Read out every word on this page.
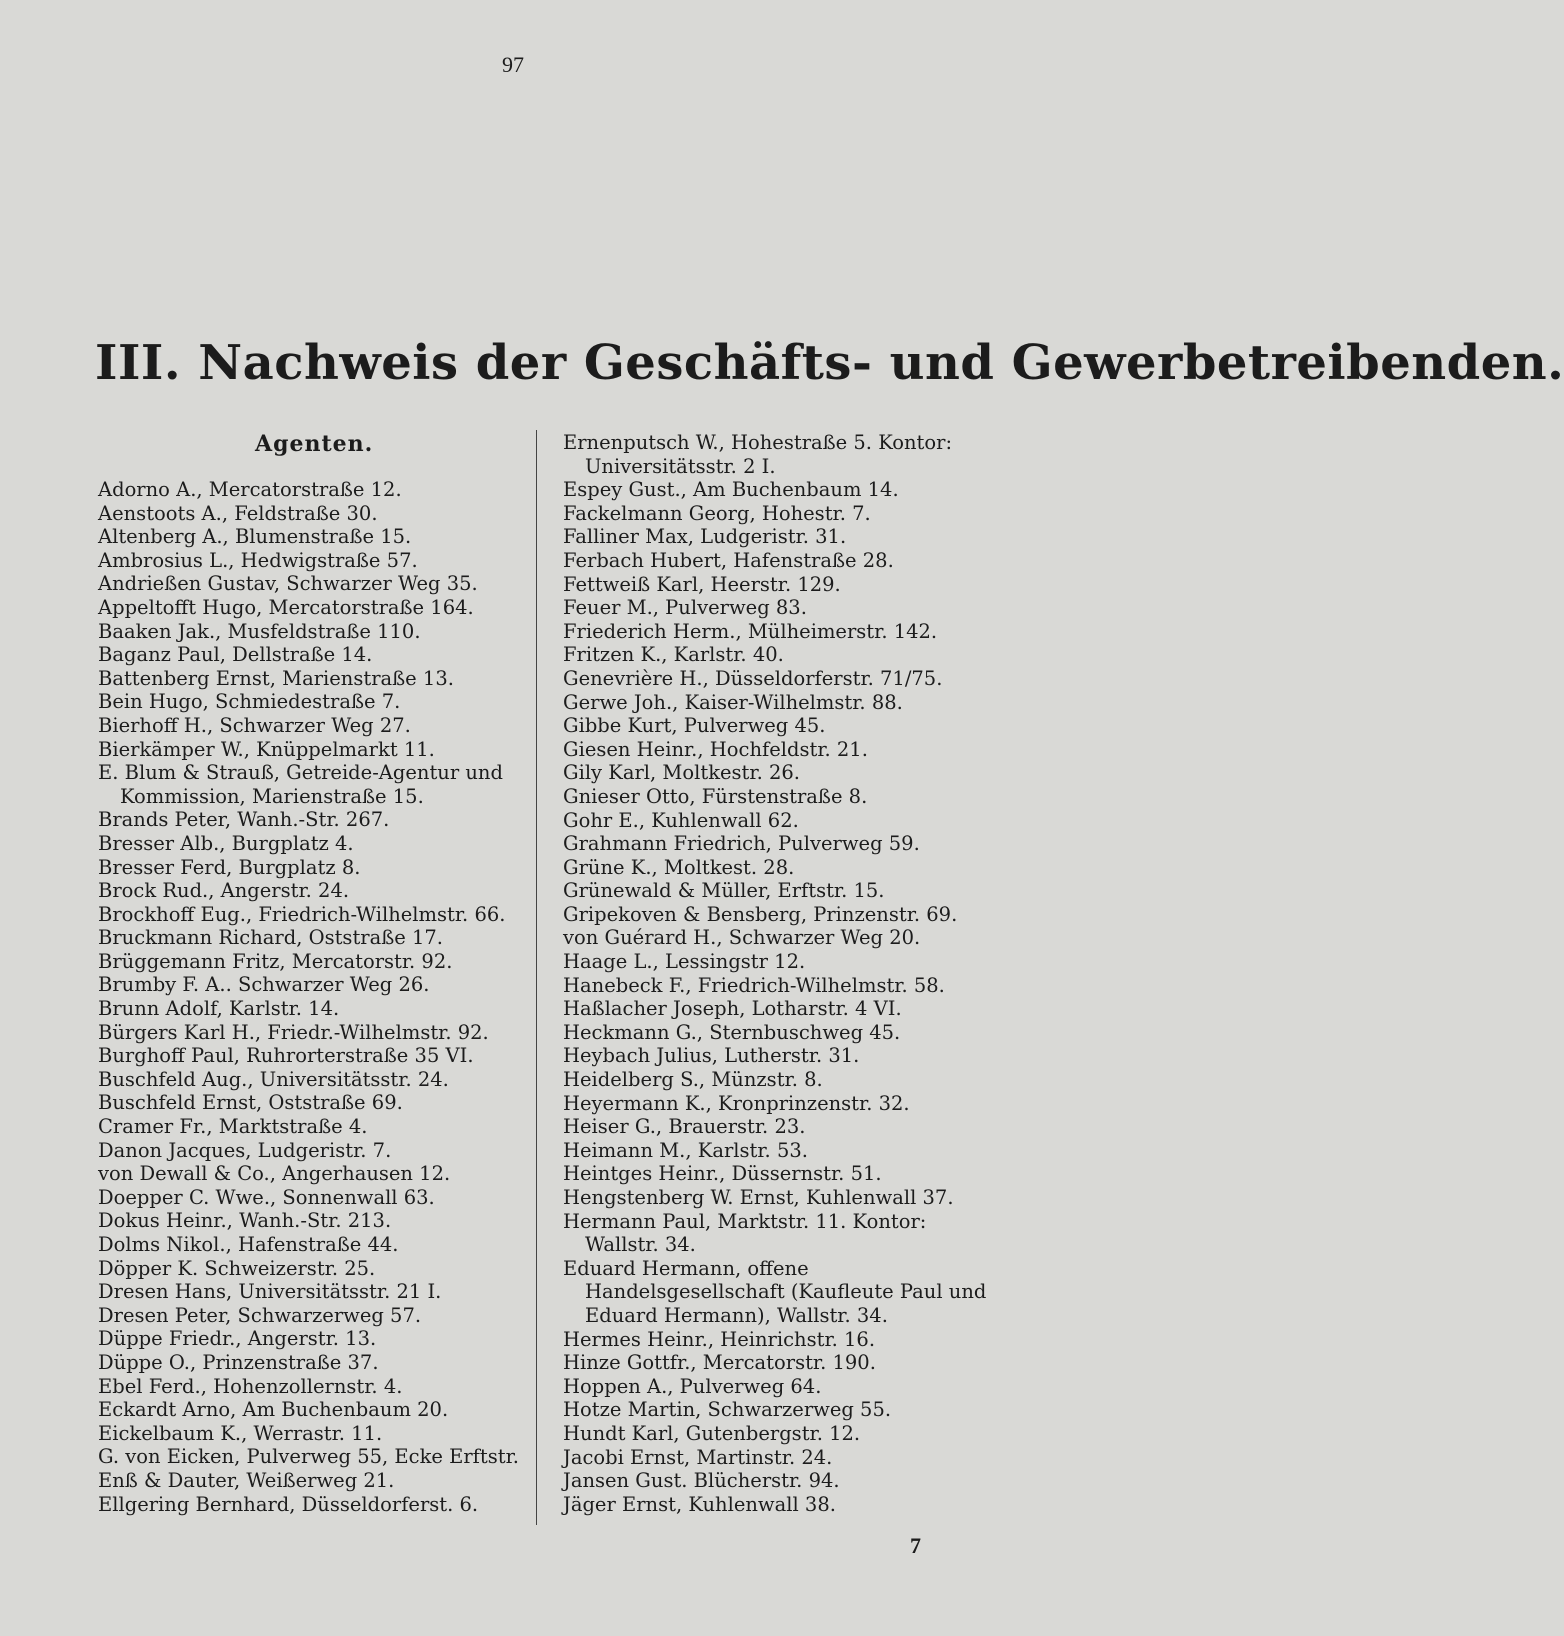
97
III. Nachweis der Geschäfts- und Gewerbetreibenden.
Agenten.
Adorno A., Mercatorstraße 12.
Aenstoots A., Feldstraße 30.
Altenberg A., Blumenstraße 15.
Ambrosius L., Hedwigstraße 57.
Andrießen Gustav, Schwarzer Weg 35.
Appeltofft Hugo, Mercatorstraße 164.
Baaken Jak., Musfeldstraße 110.
Baganz Paul, Dellstraße 14.
Battenberg Ernst, Marienstraße 13.
Bein Hugo, Schmiedestraße 7.
Bierhoff H., Schwarzer Weg 27.
Bierkämper W., Knüppelmarkt 11.
E. Blum & Strauß, Getreide-Agentur und Kommission, Marienstraße 15.
Brands Peter, Wanh.-Str. 267.
Bresser Alb., Burgplatz 4.
Bresser Ferd, Burgplatz 8.
Brock Rud., Angerstr. 24.
Brockhoff Eug., Friedrich-Wilhelmstr. 66.
Bruckmann Richard, Oststraße 17.
Brüggemann Fritz, Mercatorstr. 92.
Brumby F. A.. Schwarzer Weg 26.
Brunn Adolf, Karlstr. 14.
Bürgers Karl H., Friedr.-Wilhelmstr. 92.
Burghoff Paul, Ruhrorterstraße 35 VI.
Buschfeld Aug., Universitätsstr. 24.
Buschfeld Ernst, Oststraße 69.
Cramer Fr., Marktstraße 4.
Danon Jacques, Ludgeristr. 7.
von Dewall & Co., Angerhausen 12.
Doepper C. Wwe., Sonnenwall 63.
Dokus Heinr., Wanh.-Str. 213.
Dolms Nikol., Hafenstraße 44.
Döpper K. Schweizerstr. 25.
Dresen Hans, Universitätsstr. 21 I.
Dresen Peter, Schwarzerweg 57.
Düppe Friedr., Angerstr. 13.
Düppe O., Prinzenstraße 37.
Ebel Ferd., Hohenzollernstr. 4.
Eckardt Arno, Am Buchenbaum 20.
Eickelbaum K., Werrastr. 11.
G. von Eicken, Pulverweg 55, Ecke Erftstr.
Enß & Dauter, Weißerweg 21.
Ellgering Bernhard, Düsseldorferst. 6.
Ernenputsch W., Hohestraße 5. Kontor: Universitätsstr. 2 I.
Espey Gust., Am Buchenbaum 14.
Fackelmann Georg, Hohestr. 7.
Falliner Max, Ludgeristr. 31.
Ferbach Hubert, Hafenstraße 28.
Fettweiß Karl, Heerstr. 129.
Feuer M., Pulverweg 83.
Friederich Herm., Mülheimerstr. 142.
Fritzen K., Karlstr. 40.
Genevrière H., Düsseldorferstr. 71/75.
Gerwe Joh., Kaiser-Wilhelmstr. 88.
Gibbe Kurt, Pulverweg 45.
Giesen Heinr., Hochfeldstr. 21.
Gily Karl, Moltkestr. 26.
Gnieser Otto, Fürstenstraße 8.
Gohr E., Kuhlenwall 62.
Grahmann Friedrich, Pulverweg 59.
Grüne K., Moltkest. 28.
Grünewald & Müller, Erftstr. 15.
Gripekoven & Bensberg, Prinzenstr. 69.
von Guérard H., Schwarzer Weg 20.
Haage L., Lessingstr 12.
Hanebeck F., Friedrich-Wilhelmstr. 58.
Haßlacher Joseph, Lotharstr. 4 VI.
Heckmann G., Sternbuschweg 45.
Heybach Julius, Lutherstr. 31.
Heidelberg S., Münzstr. 8.
Heyermann K., Kronprinzenstr. 32.
Heiser G., Brauerstr. 23.
Heimann M., Karlstr. 53.
Heintges Heinr., Düssernstr. 51.
Hengstenberg W. Ernst, Kuhlenwall 37.
Hermann Paul, Marktstr. 11. Kontor: Wallstr. 34.
Eduard Hermann, offene Handelsgesellschaft (Kaufleute Paul und Eduard Hermann), Wallstr. 34.
Hermes Heinr., Heinrichstr. 16.
Hinze Gottfr., Mercatorstr. 190.
Hoppen A., Pulverweg 64.
Hotze Martin, Schwarzerweg 55.
Hundt Karl, Gutenbergstr. 12.
Jacobi Ernst, Martinstr. 24.
Jansen Gust. Blücherstr. 94.
Jäger Ernst, Kuhlenwall 38.
7
